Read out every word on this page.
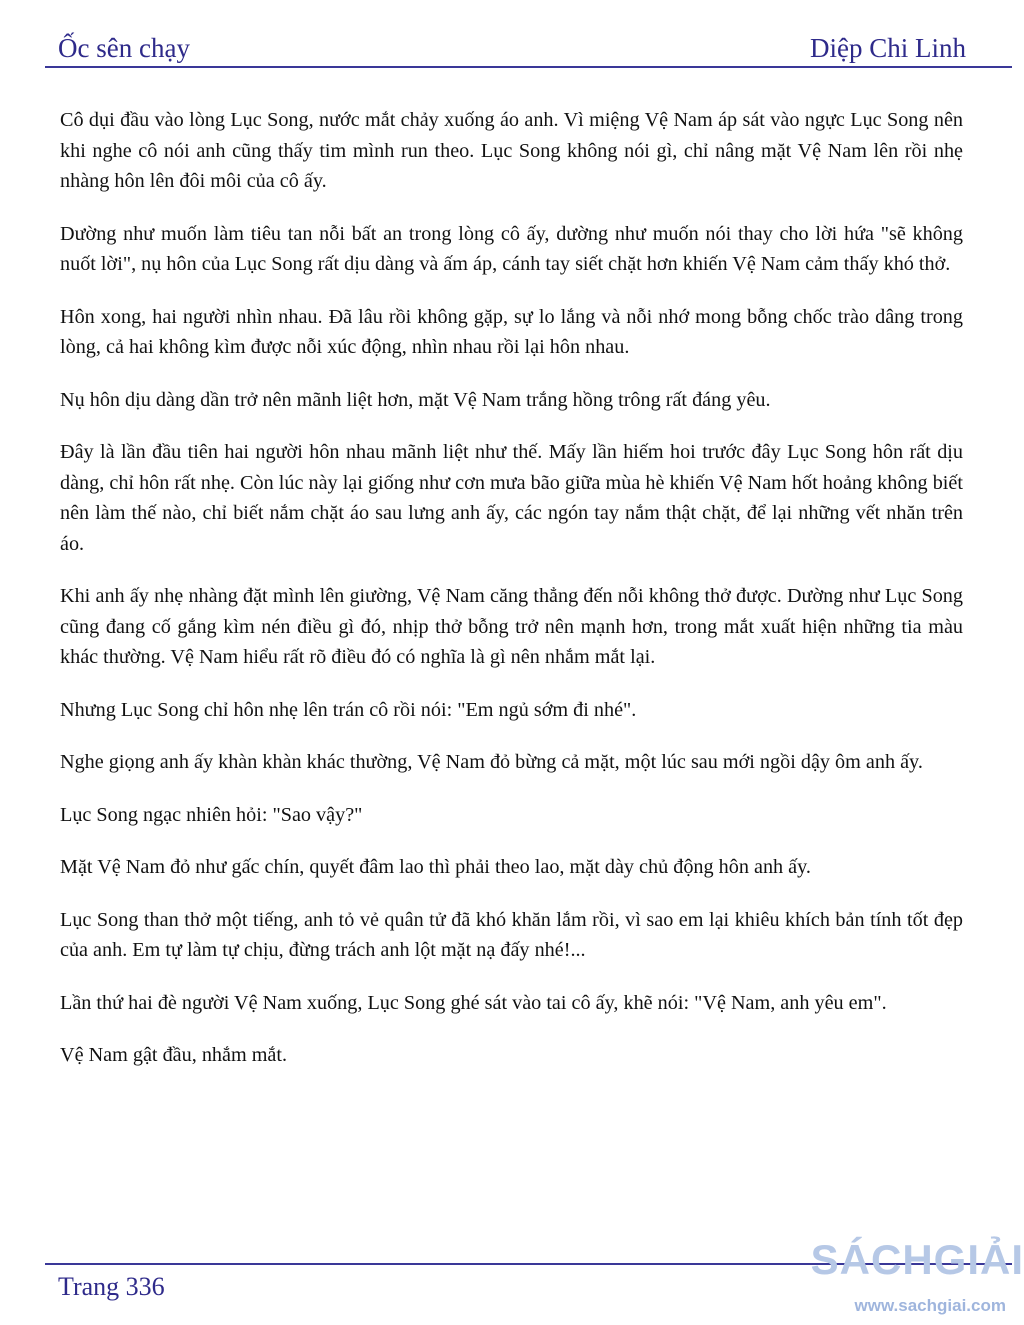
Ốc sên chạy	Diệp Chi Linh

Cô dụi đầu vào lòng Lục Song, nước mắt chảy xuống áo anh. Vì miệng Vệ Nam áp sát vào ngực Lục Song nên khi nghe cô nói anh cũng thấy tim mình run theo. Lục Song không nói gì, chỉ nâng mặt Vệ Nam lên rồi nhẹ nhàng hôn lên đôi môi của cô ấy.

Dường như muốn làm tiêu tan nỗi bất an trong lòng cô ấy, dường như muốn nói thay cho lời hứa "sẽ không nuốt lời", nụ hôn của Lục Song rất dịu dàng và ấm áp, cánh tay siết chặt hơn khiến Vệ Nam cảm thấy khó thở.

Hôn xong, hai người nhìn nhau. Đã lâu rồi không gặp, sự lo lắng và nỗi nhớ mong bỗng chốc trào dâng trong lòng, cả hai không kìm được nỗi xúc động, nhìn nhau rồi lại hôn nhau.

Nụ hôn dịu dàng dần trở nên mãnh liệt hơn, mặt Vệ Nam trắng hồng trông rất đáng yêu.

Đây là lần đầu tiên hai người hôn nhau mãnh liệt như thế. Mấy lần hiếm hoi trước đây Lục Song hôn rất dịu dàng, chỉ hôn rất nhẹ. Còn lúc này lại giống như cơn mưa bão giữa mùa hè khiến Vệ Nam hốt hoảng không biết nên làm thế nào, chỉ biết nắm chặt áo sau lưng anh ấy, các ngón tay nắm thật chặt, để lại những vết nhăn trên áo.

Khi anh ấy nhẹ nhàng đặt mình lên giường, Vệ Nam căng thẳng đến nỗi không thở được. Dường như Lục Song cũng đang cố gắng kìm nén điều gì đó, nhịp thở bỗng trở nên mạnh hơn, trong mắt xuất hiện những tia màu khác thường. Vệ Nam hiểu rất rõ điều đó có nghĩa là gì nên nhắm mắt lại.

Nhưng Lục Song chỉ hôn nhẹ lên trán cô rồi nói: "Em ngủ sớm đi nhé".

Nghe giọng anh ấy khàn khàn khác thường, Vệ Nam đỏ bừng cả mặt, một lúc sau mới ngồi dậy ôm anh ấy.

Lục Song ngạc nhiên hỏi: "Sao vậy?"

Mặt Vệ Nam đỏ như gấc chín, quyết đâm lao thì phải theo lao, mặt dày chủ động hôn anh ấy.

Lục Song than thở một tiếng, anh tỏ vẻ quân tử đã khó khăn lắm rồi, vì sao em lại khiêu khích bản tính tốt đẹp của anh. Em tự làm tự chịu, đừng trách anh lột mặt nạ đấy nhé!...

Lần thứ hai đè người Vệ Nam xuống, Lục Song ghé sát vào tai cô ấy, khẽ nói: "Vệ Nam, anh yêu em".

Vệ Nam gật đầu, nhắm mắt.

Trang 336
SÁCHGIẢI
www.sachgiai.com
